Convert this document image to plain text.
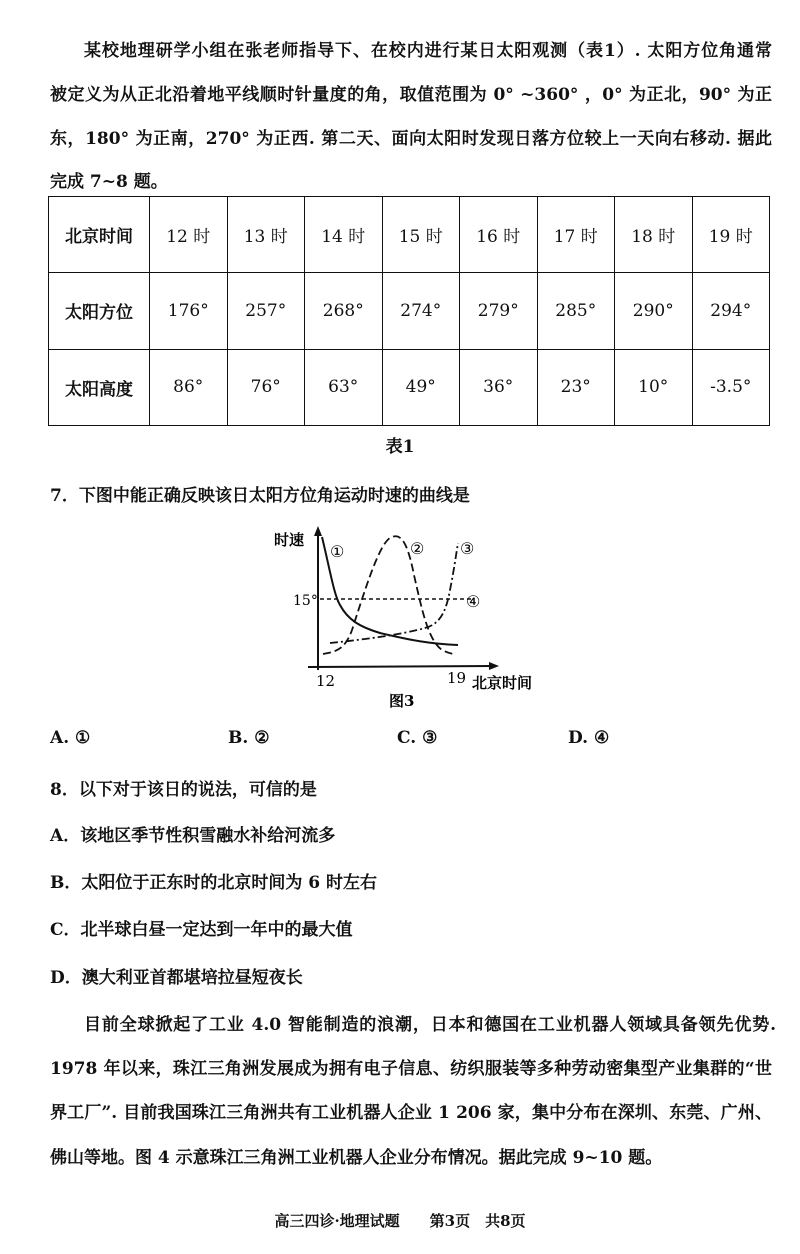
某校地理研学小组在张老师指导下、在校内进行某日太阳观测（表1）. 太阳方位角通常
被定义为从正北沿着地平线顺时针量度的角，取值范围为 0° ~360° ，0° 为正北，90° 为正
东，180° 为正南，270° 为正西. 第二天、面向太阳时发现日落方位较上一天向右移动. 据此
完成 7~8 题。
北京时间	12 时	13 时	14 时	15 时	16 时	17 时	18 时	19 时
太阳方位	176°	257°	268°	274°	279°	285°	290°	294°
太阳高度	86°	76°	63°	49°	36°	23°	10°	-3.5°
表1
7．下图中能正确反映该日太阳方位角运动时速的曲线是
时速
15°
①	② ③
④
12	19 北京时间
图3
A. ①	B. ②	C. ③	D. ④
8．以下对于该日的说法，可信的是
A．该地区季节性积雪融水补给河流多
B．太阳位于正东时的北京时间为 6 时左右
C．北半球白昼一定达到一年中的最大值
D．澳大利亚首都堪培拉昼短夜长
目前全球掀起了工业 4.0 智能制造的浪潮，日本和德国在工业机器人领域具备领先优势.
1978 年以来，珠江三角洲发展成为拥有电子信息、纺织服装等多种劳动密集型产业集群的“世
界工厂”. 目前我国珠江三角洲共有工业机器人企业 1 206 家，集中分布在深圳、东莞、广州、
佛山等地。图 4 示意珠江三角洲工业机器人企业分布情况。据此完成 9~10 题。
高三四诊·地理试题　　第3页　共8页
